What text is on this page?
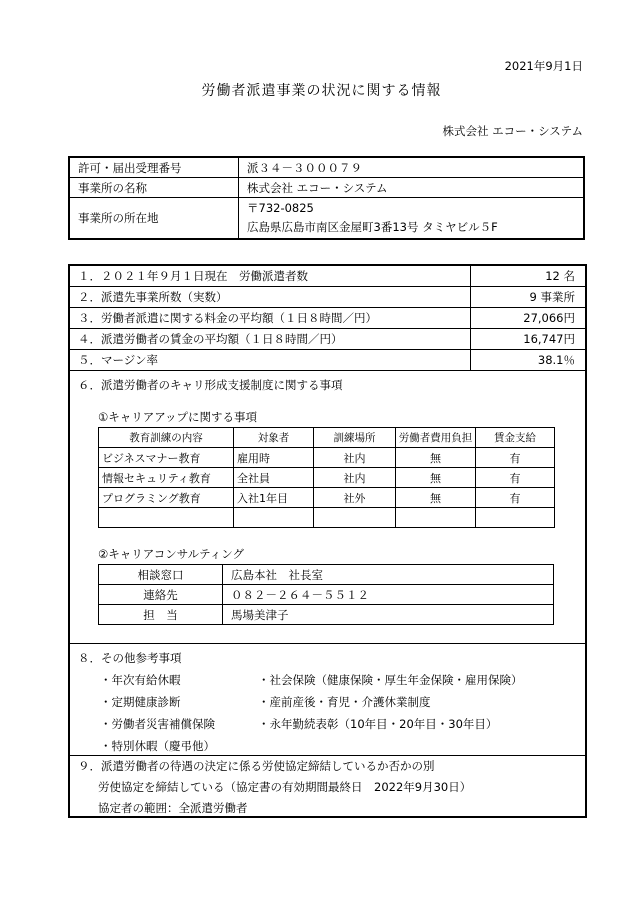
2021年9月1日
労働者派遣事業の状況に関する情報
株式会社 エコー・システム
許可・届出受理番号	派３４－３０００７９
事業所の名称	株式会社 エコー・システム
事業所の所在地	〒732-0825
広島県広島市南区金屋町3番13号 タミヤビル５F
１．２０２１年９月１日現在　労働派遣者数	12 名
２．派遣先事業所数（実数）	9 事業所
３．労働者派遣に関する料金の平均額（１日８時間／円）	27,066円
４．派遣労働者の賃金の平均額（１日８時間／円）	16,747円
５．マージン率	38.1％
６．派遣労働者のキャリ形成支援制度に関する事項
①キャリアアップに関する事項
教育訓練の内容	対象者	訓練場所	労働者費用負担	賃金支給
ビジネスマナー教育	雇用時	社内	無	有
情報セキュリティ教育	全社員	社内	無	有
プログラミング教育	入社1年目	社外	無	有

②キャリアコンサルティング
相談窓口	広島本社　社長室
連絡先	０８２－２６４－５５１２
担　当	馬場美津子
８．その他参考事項
・年次有給休暇
・定期健康診断
・労働者災害補償保険
・特別休暇（慶弔他）
・社会保険（健康保険・厚生年金保険・雇用保険）
・産前産後・育児・介護休業制度
・永年勤続表彰（10年目・20年目・30年目）
９．派遣労働者の待遇の決定に係る労使協定締結しているか否かの別
労使協定を締結している（協定書の有効期間最終日　2022年9月30日）
協定者の範囲：全派遣労働者
